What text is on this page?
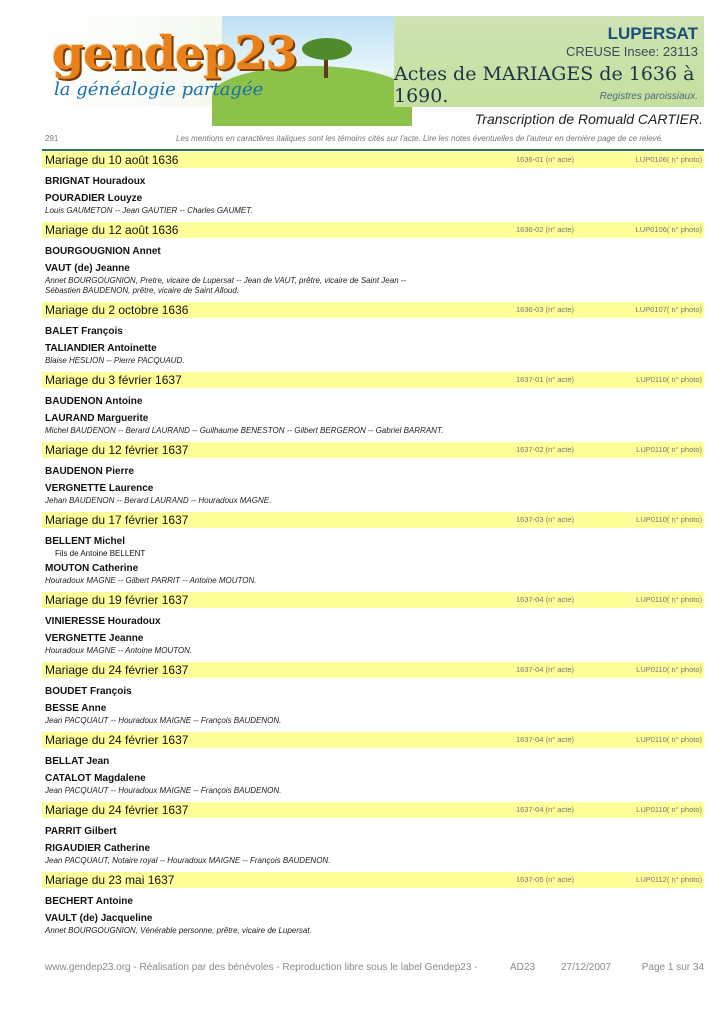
gendep23
la généalogie partagée
LUPERSAT
CREUSE Insee: 23113
Actes de MARIAGES de 1636 à 1690.	Registres paroissiaux.
Transcription de Romuald CARTIER.
291	Les mentions en caractères italiques sont les témoins cités sur l'acte. Lire les notes éventuelles de l'auteur en dernière page de ce relevé.
Mariage du 10 août 1636	1636-01 (n° acte)	LUP0106( n° photo)
BRIGNAT Houradoux
POURADIER Louyze
Louis GAUMETON -- Jean GAUTIER -- Charles GAUMET.
Mariage du 12 août 1636	1636-02 (n° acte)	LUP0106( n° photo)
BOURGOUGNION Annet
VAUT (de) Jeanne
Annet BOURGOUGNION, Pretre, vicaire de Lupersat -- Jean de VAUT, prêtre, vicaire de Saint Jean --
Sébastien BAUDENON, prêtre, vicaire de Saint Alloud.
Mariage du 2 octobre 1636	1636-03 (n° acte)	LUP0107( n° photo)
BALET François
TALIANDIER Antoinette
Blaise HESLION -- Pierre PACQUAUD.
Mariage du 3 février 1637	1637-01 (n° acte)	LUP0110( n° photo)
BAUDENON Antoine
LAURAND Marguerite
Michel BAUDENON -- Berard LAURAND -- Guilhaume BENESTON -- Gilbert BERGERON -- Gabriel BARRANT.
Mariage du 12 février 1637	1637-02 (n° acte)	LUP0110( n° photo)
BAUDENON Pierre
VERGNETTE Laurence
Jehan BAUDENON -- Berard LAURAND -- Houradoux MAGNE.
Mariage du 17 février 1637	1637-03 (n° acte)	LUP0110( n° photo)
BELLENT Michel
Fils de Antoine BELLENT
MOUTON Catherine
Houradoux MAGNE -- Gilbert PARRIT -- Antoine MOUTON.
Mariage du 19 février 1637	1637-04 (n° acte)	LUP0110( n° photo)
VINIERESSE Houradoux
VERGNETTE Jeanne
Houradoux MAGNE -- Antoine MOUTON.
Mariage du 24 février 1637	1637-04 (n° acte)	LUP0110( n° photo)
BOUDET François
BESSE Anne
Jean PACQUAUT -- Houradoux MAIGNE -- François BAUDENON.
Mariage du 24 février 1637	1637-04 (n° acte)	LUP0110( n° photo)
BELLAT Jean
CATALOT Magdalene
Jean PACQUAUT -- Houradoux MAIGNE -- François BAUDENON.
Mariage du 24 février 1637	1637-04 (n° acte)	LUP0110( n° photo)
PARRIT Gilbert
RIGAUDIER Catherine
Jean PACQUAUT, Notaire royal -- Houradoux MAIGNE -- François BAUDENON.
Mariage du 23 mai 1637	1637-05 (n° acte)	LUP0112( n° photo)
BECHERT Antoine
VAULT (de) Jacqueline
Annet BOURGOUGNION, Vénérable personne, prêtre, vicaire de Lupersat.
www.gendep23.org - Réalisation par des bénévoles - Reproduction libre sous le label Gendep23 -	AD23	27/12/2007	Page 1 sur 34
